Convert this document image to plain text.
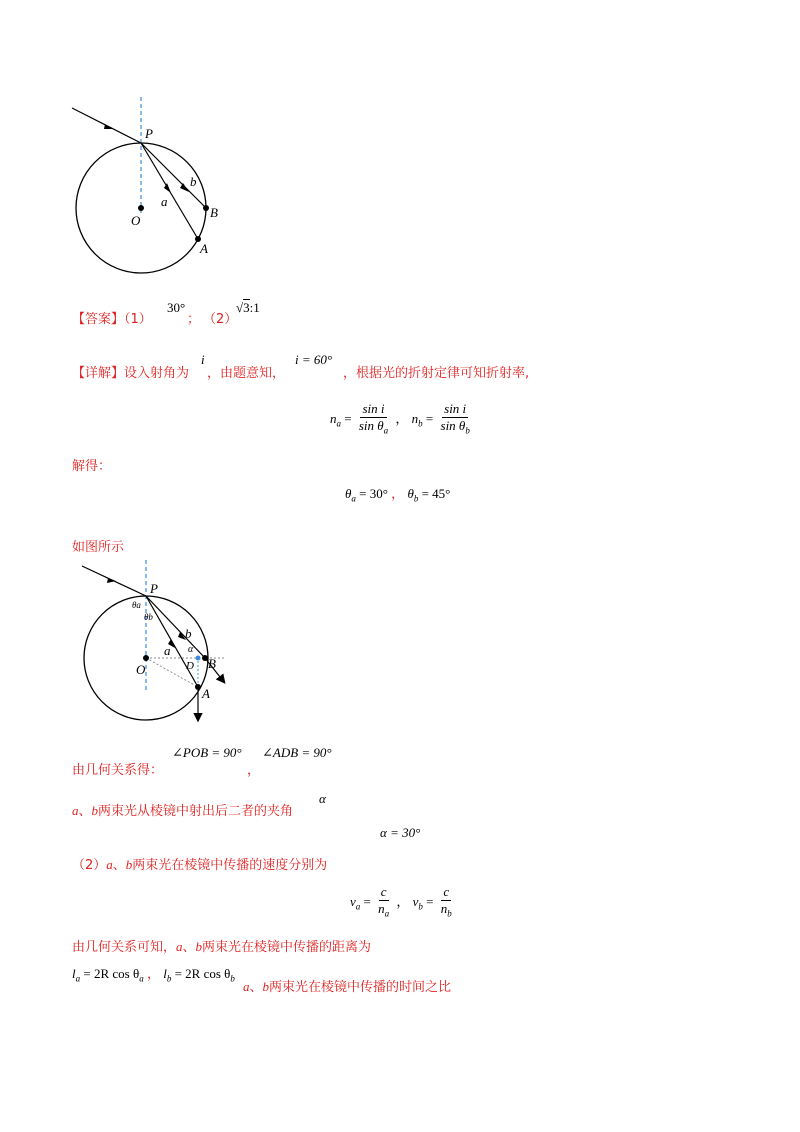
P
O
B
A
a
b
【答案】（1）
30°
； （2）
√3:1
【详解】设入射角为
i
，由题意知，
i = 60°
，根据光的折射定律可知折射率,
$n_a = \frac{\text{sin i}}{\sin \theta_a}$ ， $n_b = \frac{\text{sin i}}{\sin \theta_b}$
解得：
$\theta_a = 30^\circ$ ， $\theta_b = 45^\circ$
如图所示
P
O	B
A
a
b
D
θa
θb
α
由几何关系得：
∠POB = 90°
，
∠ADB = 90°
a、b两束光从棱镜中射出后二者的夹角
α
α = 30°
（2）a、b两束光在棱镜中传播的速度分别为
$v_a = \frac{c}{n_a}$ ， $v_b = \frac{c}{n_b}$
由几何关系可知，a、b两束光在棱镜中传播的距离为
$l_a = 2R$ $\cos \theta_a$ ， $l_b = 2R$ $\cos \theta_b$
a、b两束光在棱镜中传播的时间之比
